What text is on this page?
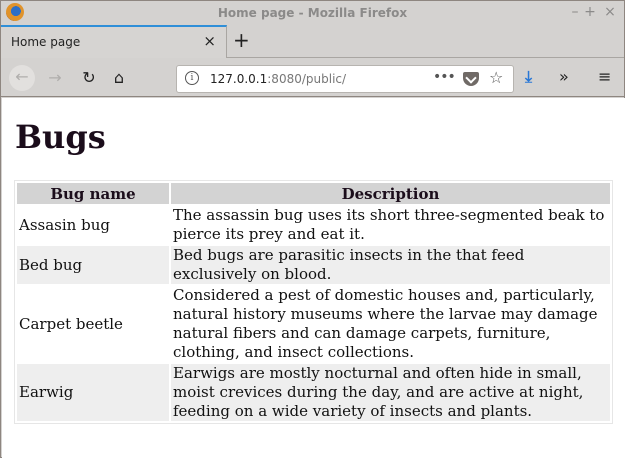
Home page - Mozilla Firefox	– + ×
Home page	× +
←	→	↻	⌂	i	127.0.0.1:8080/public/	••• ☆ ⤓ » ≡
Bugs
Bug name	Description
Assasin bug	The assassin bug uses its short three-segmented beak to pierce its prey and eat it.
Bed bug	Bed bugs are parasitic insects in the that feed exclusively on blood.
Carpet beetle	Considered a pest of domestic houses and, particularly, natural history museums where the larvae may damage natural fibers and can damage carpets, furniture, clothing, and insect collections.
Earwig	Earwigs are mostly nocturnal and often hide in small, moist crevices during the day, and are active at night, feeding on a wide variety of insects and plants.
